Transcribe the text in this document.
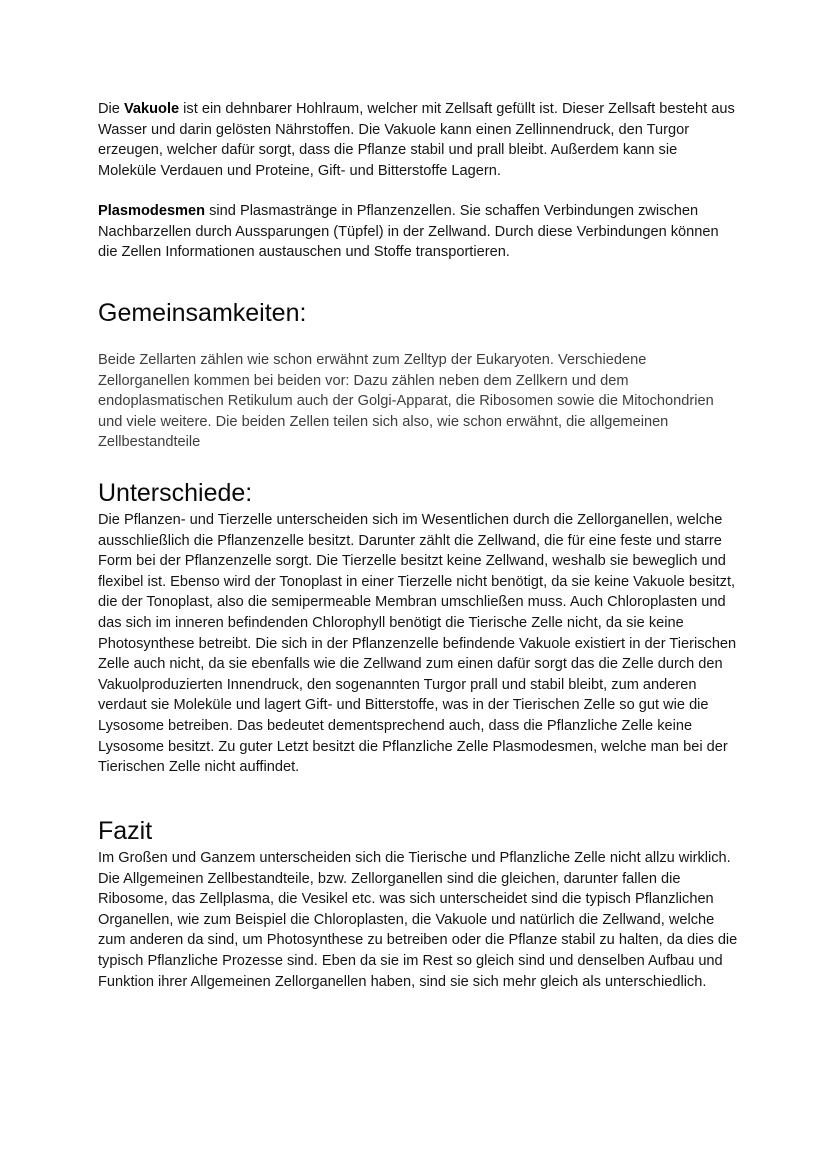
Die Vakuole ist ein dehnbarer Hohlraum, welcher mit Zellsaft gefüllt ist. Dieser Zellsaft besteht aus Wasser und darin gelösten Nährstoffen. Die Vakuole kann einen Zellinnendruck, den Turgor erzeugen, welcher dafür sorgt, dass die Pflanze stabil und prall bleibt. Außerdem kann sie Moleküle Verdauen und Proteine, Gift- und Bitterstoffe Lagern.

Plasmodesmen sind Plasmastränge in Pflanzenzellen. Sie schaffen Verbindungen zwischen Nachbarzellen durch Aussparungen (Tüpfel) in der Zellwand. Durch diese Verbindungen können die Zellen Informationen austauschen und Stoffe transportieren.

Gemeinsamkeiten:

Beide Zellarten zählen wie schon erwähnt zum Zelltyp der Eukaryoten. Verschiedene Zellorganellen kommen bei beiden vor: Dazu zählen neben dem Zellkern und dem endoplasmatischen Retikulum auch der Golgi-Apparat, die Ribosomen sowie die Mitochondrien und viele weitere. Die beiden Zellen teilen sich also, wie schon erwähnt, die allgemeinen Zellbestandteile

Unterschiede:

Die Pflanzen- und Tierzelle unterscheiden sich im Wesentlichen durch die Zellorganellen, welche ausschließlich die Pflanzenzelle besitzt. Darunter zählt die Zellwand, die für eine feste und starre Form bei der Pflanzenzelle sorgt. Die Tierzelle besitzt keine Zellwand, weshalb sie beweglich und flexibel ist. Ebenso wird der Tonoplast in einer Tierzelle nicht benötigt, da sie keine Vakuole besitzt, die der Tonoplast, also die semipermeable Membran umschließen muss. Auch Chloroplasten und das sich im inneren befindenden Chlorophyll benötigt die Tierische Zelle nicht, da sie keine Photosynthese betreibt. Die sich in der Pflanzenzelle befindende Vakuole existiert in der Tierischen Zelle auch nicht, da sie ebenfalls wie die Zellwand zum einen dafür sorgt das die Zelle durch den Vakuolproduzierten Innendruck, den sogenannten Turgor prall und stabil bleibt, zum anderen verdaut sie Moleküle und lagert Gift- und Bitterstoffe, was in der Tierischen Zelle so gut wie die Lysosome betreiben. Das bedeutet dementsprechend auch, dass die Pflanzliche Zelle keine Lysosome besitzt. Zu guter Letzt besitzt die Pflanzliche Zelle Plasmodesmen, welche man bei der Tierischen Zelle nicht auffindet.

Fazit

Im Großen und Ganzem unterscheiden sich die Tierische und Pflanzliche Zelle nicht allzu wirklich. Die Allgemeinen Zellbestandteile, bzw. Zellorganellen sind die gleichen, darunter fallen die Ribosome, das Zellplasma, die Vesikel etc. was sich unterscheidet sind die typisch Pflanzlichen Organellen, wie zum Beispiel die Chloroplasten, die Vakuole und natürlich die Zellwand, welche zum anderen da sind, um Photosynthese zu betreiben oder die Pflanze stabil zu halten, da dies die typisch Pflanzliche Prozesse sind. Eben da sie im Rest so gleich sind und denselben Aufbau und Funktion ihrer Allgemeinen Zellorganellen haben, sind sie sich mehr gleich als unterschiedlich.
